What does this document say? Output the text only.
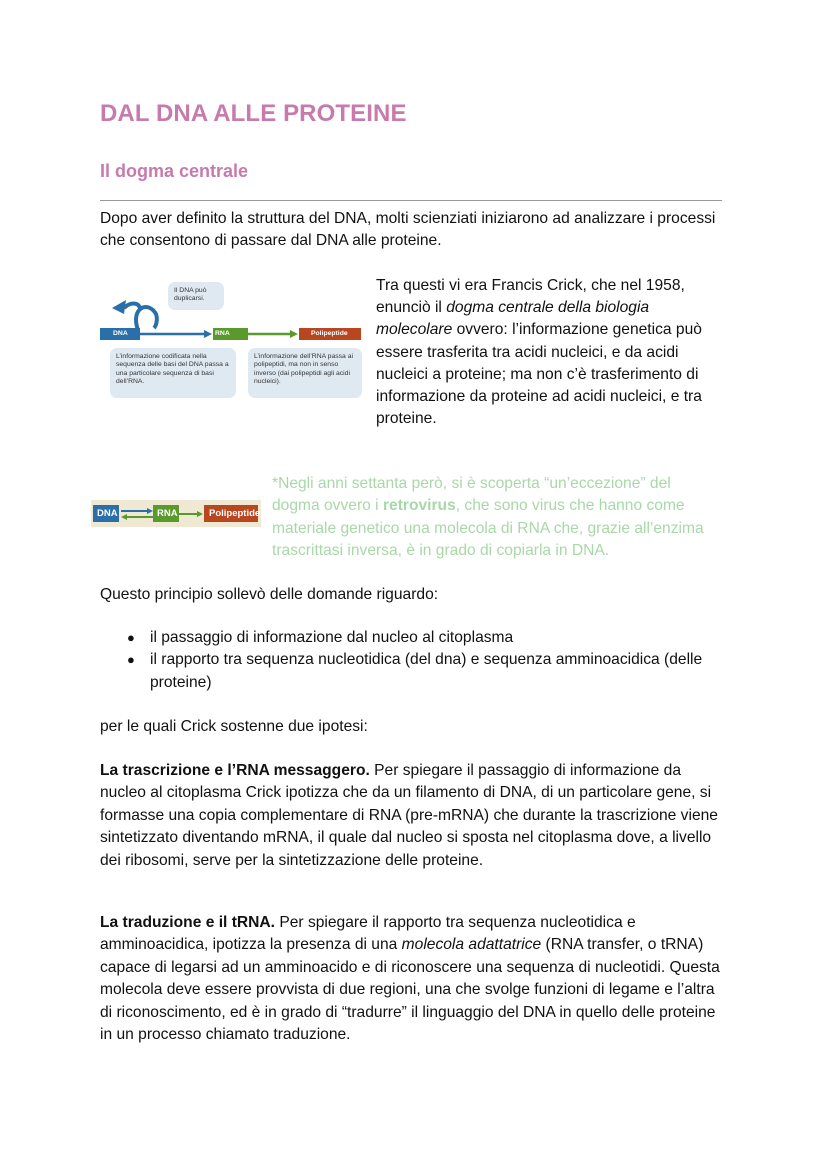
DAL DNA ALLE PROTEINE
Il dogma centrale

Dopo aver definito la struttura del DNA, molti scienziati iniziarono ad analizzare i processi che consentono di passare dal DNA alle proteine.

Il DNA può duplicarsi.
DNA	RNA	Polipeptide
L’informazione codificata nella sequenza delle basi del DNA passa a una particolare sequenza di basi dell’RNA.
L’informazione dell’RNA passa ai polipeptidi, ma non in senso inverso (dai polipeptidi agli acidi nucleici).

Tra questi vi era Francis Crick, che nel 1958, enunciò il dogma centrale della biologia molecolare ovvero: l’informazione genetica può essere trasferita tra acidi nucleici, e da acidi nucleici a proteine; ma non c’è trasferimento di informazione da proteine ad acidi nucleici, e tra proteine.

DNA	RNA	Polipeptide

*Negli anni settanta però, si è scoperta “un’eccezione” del dogma ovvero i retrovirus, che sono virus che hanno come materiale genetico una molecola di RNA che, grazie all’enzima trascrittasi inversa, è in grado di copiarla in DNA.

Questo principio sollevò delle domande riguardo:

● il passaggio di informazione dal nucleo al citoplasma
● il rapporto tra sequenza nucleotidica (del dna) e sequenza amminoacidica (delle proteine)

per le quali Crick sostenne due ipotesi:

La trascrizione e l’RNA messaggero. Per spiegare il passaggio di informazione da nucleo al citoplasma Crick ipotizza che da un filamento di DNA, di un particolare gene, si formasse una copia complementare di RNA (pre-mRNA) che durante la trascrizione viene sintetizzato diventando mRNA, il quale dal nucleo si sposta nel citoplasma dove, a livello dei ribosomi, serve per la sintetizzazione delle proteine.

La traduzione e il tRNA. Per spiegare il rapporto tra sequenza nucleotidica e amminoacidica, ipotizza la presenza di una molecola adattatrice (RNA transfer, o tRNA) capace di legarsi ad un amminoacido e di riconoscere una sequenza di nucleotidi. Questa molecola deve essere provvista di due regioni, una che svolge funzioni di legame e l’altra di riconoscimento, ed è in grado di “tradurre” il linguaggio del DNA in quello delle proteine in un processo chiamato traduzione.
